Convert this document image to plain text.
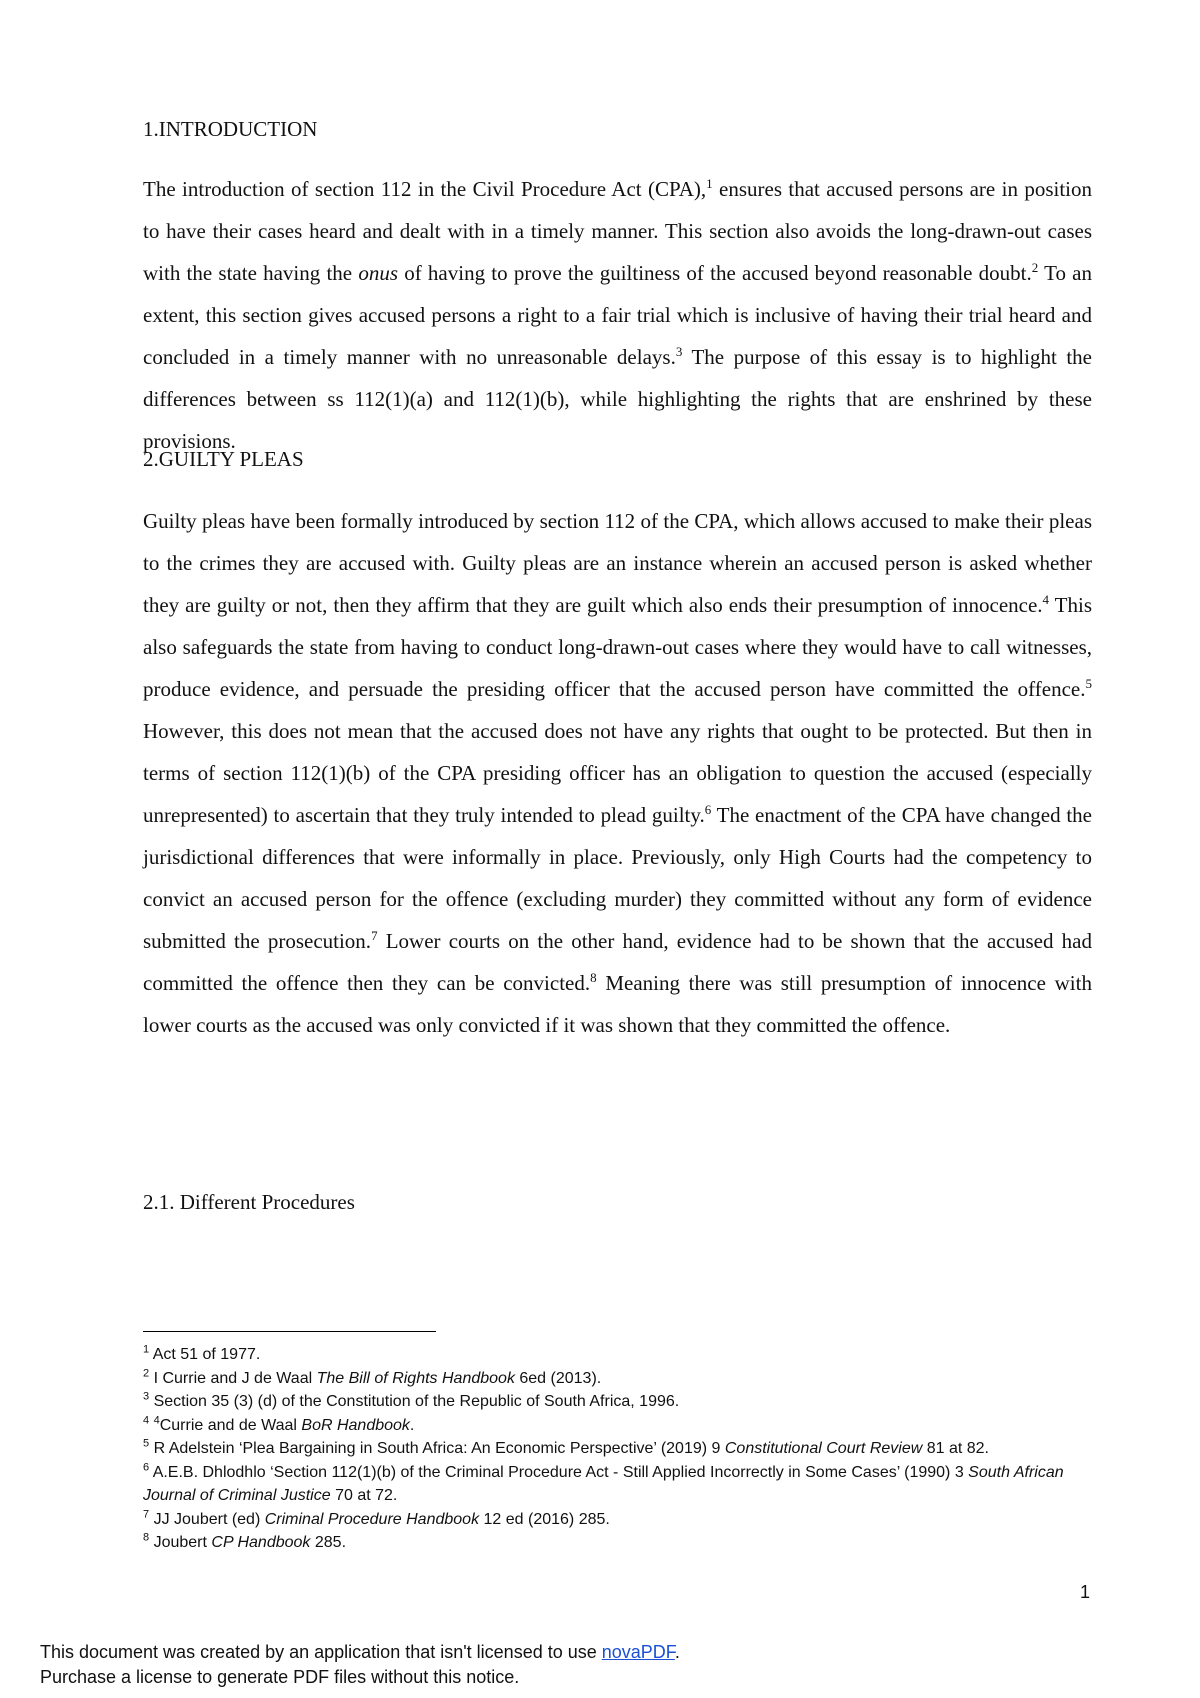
1.INTRODUCTION

The introduction of section 112 in the Civil Procedure Act (CPA),$^1$ ensures that accused persons are in position to have their cases heard and dealt with in a timely manner. This section also avoids the long-drawn-out cases with the state having the onus of having to prove the guiltiness of the accused beyond reasonable doubt.$^2$ To an extent, this section gives accused persons a right to a fair trial which is inclusive of having their trial heard and concluded in a timely manner with no unreasonable delays.$^3$ The purpose of this essay is to highlight the differences between ss 112(1)(a) and 112(1)(b), while highlighting the rights that are enshrined by these provisions.

2.GUILTY PLEAS

Guilty pleas have been formally introduced by section 112 of the CPA, which allows accused to make their pleas to the crimes they are accused with. Guilty pleas are an instance wherein an accused person is asked whether they are guilty or not, then they affirm that they are guilt which also ends their presumption of innocence.$^4$ This also safeguards the state from having to conduct long-drawn-out cases where they would have to call witnesses, produce evidence, and persuade the presiding officer that the accused person have committed the offence.$^5$ However, this does not mean that the accused does not have any rights that ought to be protected. But then in terms of section 112(1)(b) of the CPA presiding officer has an obligation to question the accused (especially unrepresented) to ascertain that they truly intended to plead guilty.$^6$ The enactment of the CPA have changed the jurisdictional differences that were informally in place. Previously, only High Courts had the competency to convict an accused person for the offence (excluding murder) they committed without any form of evidence submitted the prosecution.$^7$ Lower courts on the other hand, evidence had to be shown that the accused had committed the offence then they can be convicted.$^8$ Meaning there was still presumption of innocence with lower courts as the accused was only convicted if it was shown that they committed the offence.

2.1. Different Procedures

$^1$ Act 51 of 1977.

$^2$ I Currie and J de Waal The Bill of Rights Handbook 6ed (2013).

$^3$ Section 35 (3) (d) of the Constitution of the Republic of South Africa, 1996.

$^4$ $^4$Currie and de Waal BoR Handbook.

$^5$ R Adelstein ‘Plea Bargaining in South Africa: An Economic Perspective’ (2019) 9 Constitutional Court Review 81 at 82.

$^6$ A.E.B. Dhlodhlo ‘Section 112(1)(b) of the Criminal Procedure Act - Still Applied Incorrectly in Some Cases’ (1990) 3 South African Journal of Criminal Justice 70 at 72.

$^7$ JJ Joubert (ed) Criminal Procedure Handbook 12 ed (2016) 285.

$^8$ Joubert CP Handbook 285.

1
This document was created by an application that isn't licensed to use novaPDF.
Purchase a license to generate PDF files without this notice.
